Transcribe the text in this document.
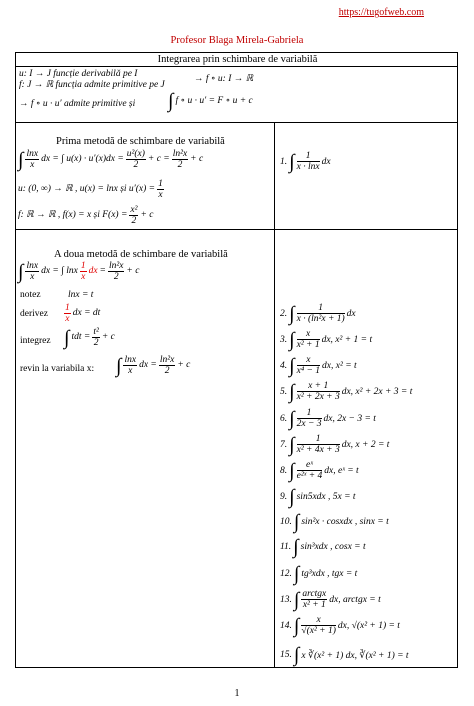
https://tugofweb.com
Profesor Blaga Mirela-Gabriela
Integrarea prin schimbare de variabilă
u: I → J funcție derivabilă pe I
f: J → ℝ funcția admite primitive pe J
→ f ∘ u: I → ℝ
→ f ∘ u · u′ admite primitive și ∫ f ∘ u · u′ = F ∘ u + c
Prima metodă de schimbare de variabilă
∫ $\frac{\ln x}{x}$ dx = ∫ $u(x) \cdot u'(x)dx = \frac{\text{u²(x)}}{2} + c = \frac{\text{ln²x}}{2} + c$
u: (0, ∞) → ℝ , u(x) = lnx și $u'(x) = \frac{1}{x}$
f: ℝ → ℝ , f(x) = x și $F(x) = \frac{\text{x²}}{2} + c$
1. ∫ $\frac{1}{x \cdot \ln x}$ dx
A doua metodă de schimbare de variabilă
∫ $\frac{\ln x}{x}$ dx = ∫ lnx $\frac{1}{x}$ dx = $\frac{\text{ln²x}}{2} + c$
notez	lnx = t
derivez $\frac{1}{x}$ dx = dt
integrez ∫ tdt = $\frac{\text{t²}}{2} + c$
revin la variabila x: ∫ $\frac{\ln x}{x}$ dx = $\frac{\text{ln²x}}{2} + c$
2. ∫ $\frac{1}{\text{x · (ln²x + 1)}}$ dx
3. ∫ $\frac{x}{\text{x² + 1}}$ dx, x² + 1 = t
4. ∫ $\frac{x}{\text{x⁴ − 1}}$ dx, x² = t
5. ∫ $\frac{x + 1}{\text{x² + 2x + 3}}$ dx, x² + 2x + 3 = t
6. ∫ $\frac{1}{2x - 3}$ dx, 2x − 3 = t
7. ∫ $\frac{1}{\text{x² + 4x + 3}}$ dx, x + 2 = t
8. ∫ $\frac{\text{eˣ}}{\text{e²ˣ + 4}}$ dx, eˣ = t
9. ∫ sin5xdx , 5x = t
10. ∫ sin²x · cosxdx , sinx = t
11. ∫ sin³xdx , cosx = t
12. ∫ tg³xdx , tgx = t
13. ∫ $\frac{\text{arctgx}}{\text{x² + 1}}$ dx, arctgx = t
14. ∫ $\frac{x}{\text{√(x² + 1)}}$ dx, √(x² + 1) = t
15. ∫ x ∛(x² + 1) dx, ∛(x² + 1) = t
1
